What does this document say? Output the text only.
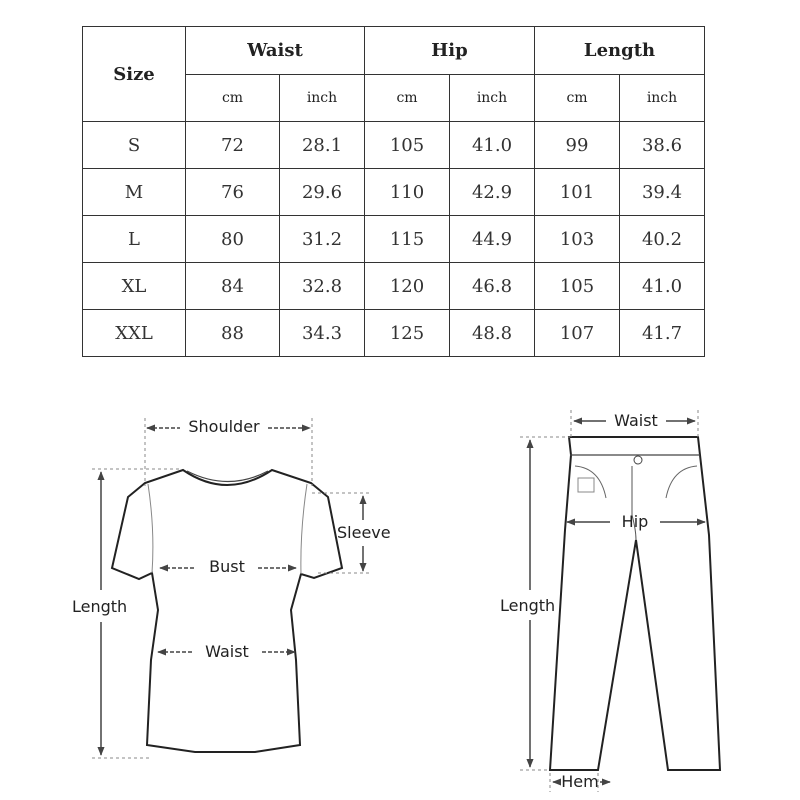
Size	Waist		Hip		Length	
	cm	inch	cm	inch	cm	inch
S	72	28.1	105	41.0	99	38.6
M	76	29.6	110	42.9	101	39.4
L	80	31.2	115	44.9	103	40.2
XL	84	32.8	120	46.8	105	41.0
XXL	88	34.3	125	48.8	107	41.7
Shoulder
Sleeve
Bust
Waist
Length
Waist
Hip
Length
Hem
